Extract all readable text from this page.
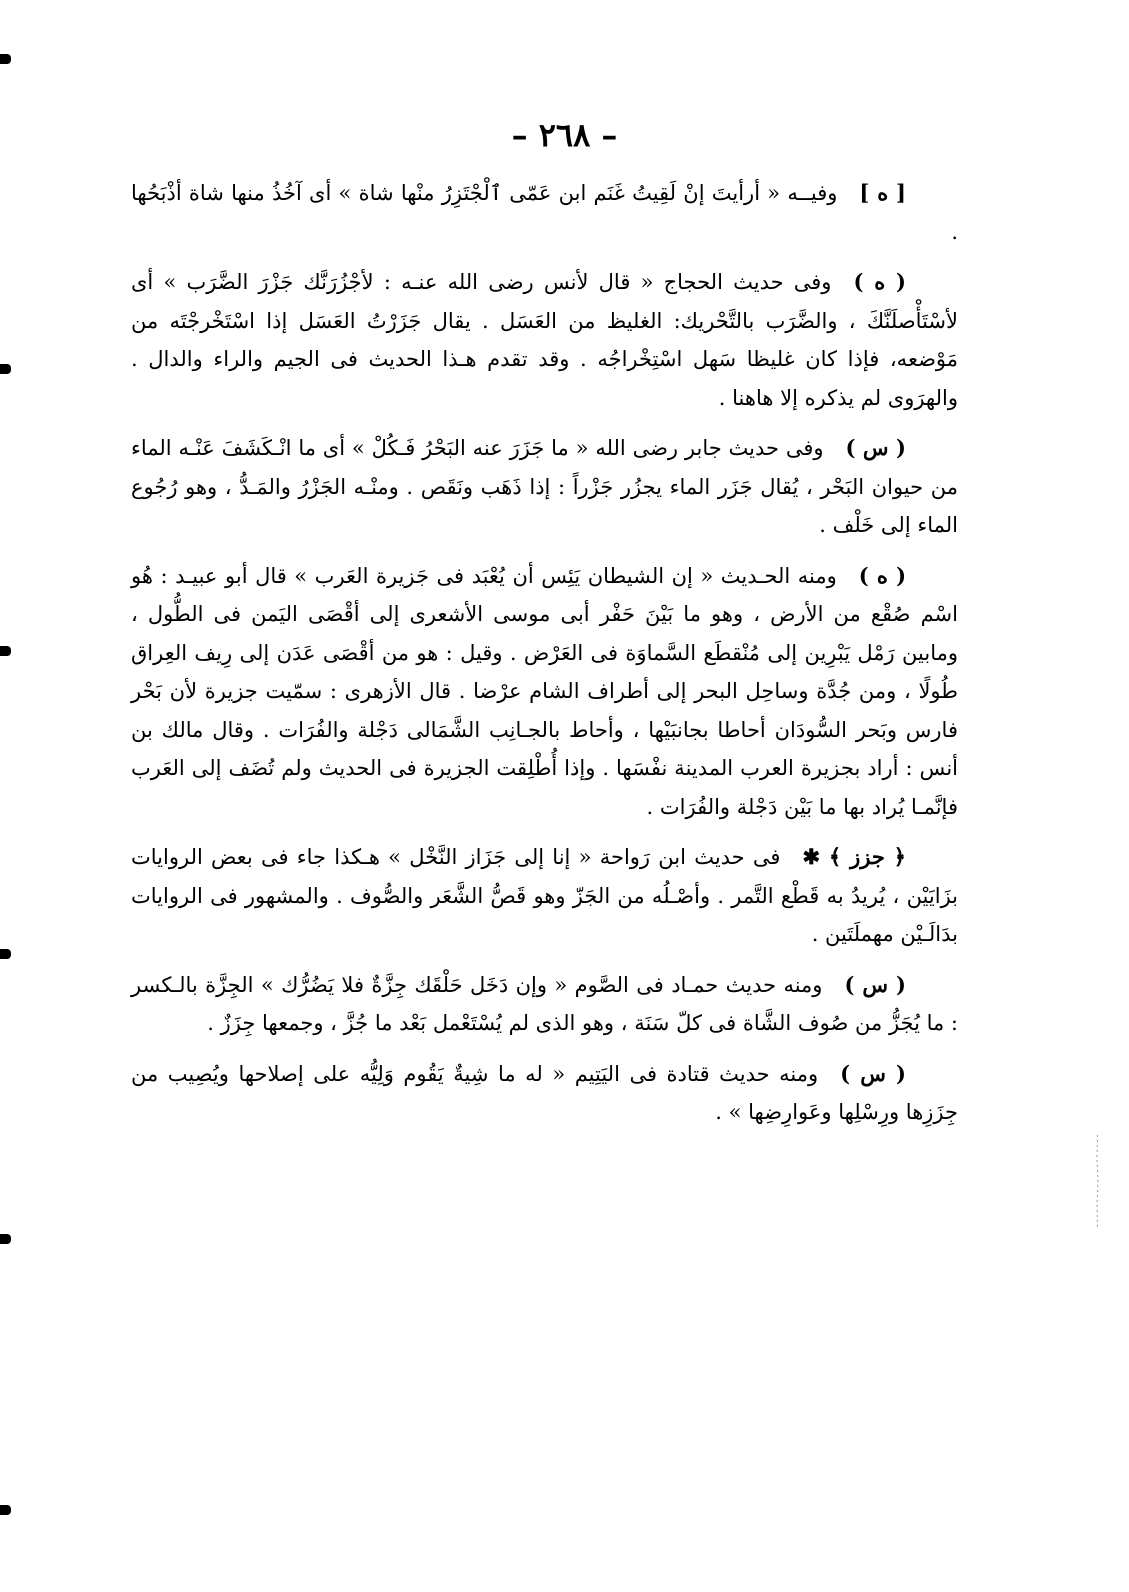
– ٢٦٨ –

[ ه ]وفيــه « أرأيتَ إنْ لَقِيتُ غَنَم ابن عَمّى ٱلْجْتَزِرُ منْها شاة » أى آخُذُ منها شاة أذْبَحُها .

( ه )وفى حديث الحجاج « قال لأنس رضى الله عنـه : لأجْزُرَنَّك جَزْرَ الضَّرَب » أى لأسْتَأْصلَنَّكَ ، والضَّرَب بالتَّحْريك: الغليظ من العَسَل . يقال جَزَرْتُ العَسَل إذا اسْتَخْرجْتَه من مَوْضعه، فإذا كان غليظا سَهل اسْتِخْراجُه . وقد تقدم هـذا الحديث فى الجيم والراء والدال . والهرَوى لم يذكره إلا هاهنا .

( س )وفى حديث جابر رضى الله « ما جَزَرَ عنه البَحْرُ فَـكُلْ » أى ما انْـكَشَفَ عَنْـه الماء من حيوان البَحْر ، يُقال جَزَر الماء يجزُر جَزْراً : إذا ذَهَب ونَقَص . ومنْـه الجَزْرُ والمَـدُّ ، وهو رُجُوع الماء إلى خَلْف .

( ه )ومنه الحـديث « إن الشيطان يَئِس أن يُعْبَد فى جَزيرة العَرب » قال أبو عبيـد : هُو اسْم صُقْع من الأرض ، وهو ما بَيْنَ حَفْر أبى موسى الأشعرى إلى أقْصَى اليَمن فى الطُّول ، ومابين رَمْل يَبْرِين إلى مُنْقطَع السَّماوَة فى العَرْض . وقيل : هو من أقْصَى عَدَن إلى رِيف العِراق طُولًا ، ومن جُدَّة وساحِل البحر إلى أطراف الشام عرْضا . قال الأزهرى : سمّيت جزيرة لأن بَحْر فارس وبَحر السُّودَان أحاطا بجانبَيْها ، وأحاط بالجـانِب الشَّمَالى دَجْلة والفُرَات . وقال مالك بن أنس : أراد بجزيرة العرب المدينة نفْسَها . وإذا أُطْلِقت الجزيرة فى الحديث ولم تُضَف إلى العَرب فإنَّمـا يُراد بها ما بَيْن دَجْلة والفُرَات .

﴿ جزز ﴾ ✱فى حديث ابن رَواحة « إنا إلى جَزَاز النَّخْل » هـكذا جاء فى بعض الروايات بزَايَيْن ، يُريدُ به قَطْع التَّمر . وأصْـلُه من الجَزّ وهو قَصُّ الشَّعَر والصُّوف . والمشهور فى الروايات بدَالَـيْن مهملَتَين .

( س )ومنه حديث حمـاد فى الصَّوم « وإن دَخَل حَلْقَك جِزَّةٌ فلا يَضُرُّك » الجِزَّة بالـكسر : ما يُجَزُّ من صُوف الشَّاة فى كلّ سَنَة ، وهو الذى لم يُسْتَعْمل بَعْد ما جُزَّ ، وجمعها جِزَزٌ .

( س )ومنه حديث قتادة فى اليَتِيم « له ما شِيةٌ يَقُوم وَلِيُّه على إصلاحها ويُصِيب من جِزَزِها ورِسْلِها وعَوارِضِها » .
